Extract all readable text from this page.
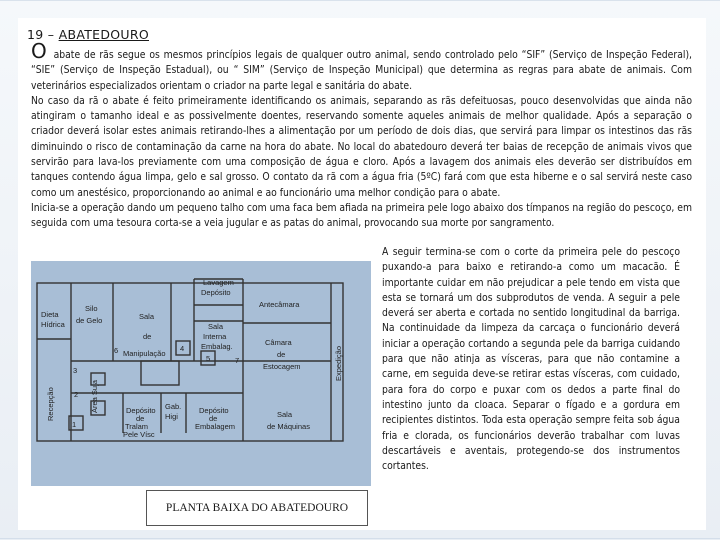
19 – ABATEDOURO

O abate de rãs segue os mesmos princípios legais de qualquer outro animal, sendo controlado pelo “SIF” (Serviço de Inspeção Federal), “SIE” (Serviço de Inspeção Estadual), ou “ SIM” (Serviço de Inspeção Municipal) que determina as regras para abate de animais. Com veterinários especializados orientam o criador na parte legal e sanitária do abate.

No caso da rã o abate é feito primeiramente identificando os animais, separando as rãs defeituosas, pouco desenvolvidas que ainda não atingiram o tamanho ideal e as possivelmente doentes, reservando somente aqueles animais de melhor qualidade. Após a separação o criador deverá isolar estes animais retirando-lhes a alimentação por um período de dois dias, que servirá para limpar os intestinos das rãs diminuindo o risco de contaminação da carne na hora do abate. No local do abatedouro deverá ter baias de recepção de animais vivos que servirão para lava-los previamente com uma composição de água e cloro. Após a lavagem dos animais eles deverão ser distribuídos em tanques contendo água limpa, gelo e sal grosso. O contato da rã com a água fria (5ºC) fará com que esta hiberne e o sal servirá neste caso como um anestésico, proporcionando ao animal e ao funcionário uma melhor condição para o abate.

Inicia-se a operação dando um pequeno talho com uma faca bem afiada na primeira pele logo abaixo dos tímpanos na região do pescoço, em seguida com uma tesoura corta-se a veia jugular e as patas do animal, provocando sua morte por sangramento.

A seguir termina-se com o corte da primeira pele do pescoço puxando-a para baixo e retirando-a como um macacão. É importante cuidar em não prejudicar a pele tendo em vista que esta se tornará um dos subprodutos de venda. A seguir a pele deverá ser aberta e cortada no sentido longitudinal da barriga. Na continuidade da limpeza da carcaça o funcionário deverá iniciar a operação cortando a segunda pele da barriga cuidando para que não atinja as vísceras, para que não contamine a carne, em seguida deve-se retirar estas vísceras, com cuidado, para fora do corpo e puxar com os dedos a parte final do intestino junto da cloaca. Separar o fígado e a gordura em recipientes distintos. Toda esta operação sempre feita sob água fria e clorada, os funcionários deverão trabalhar com luvas descartáveis e aventais, protegendo-se dos instrumentos cortantes.
Dieta
Hídrica
Silo
de Gelo	Sala
de
Manipulação
Lavagem
Depósito
Sala
Interna
Embalag.
Antecâmara
Câmara
de
Estocagem	Expedição
Recepção	Área Suja	Depósito
de
Tralam
Pele Vísc
Gab.
Higi
Depósito
de
Embalagem
Sala
de Máquinas
1
2
3
4
5
6
7
PLANTA BAIXA DO ABATEDOURO
